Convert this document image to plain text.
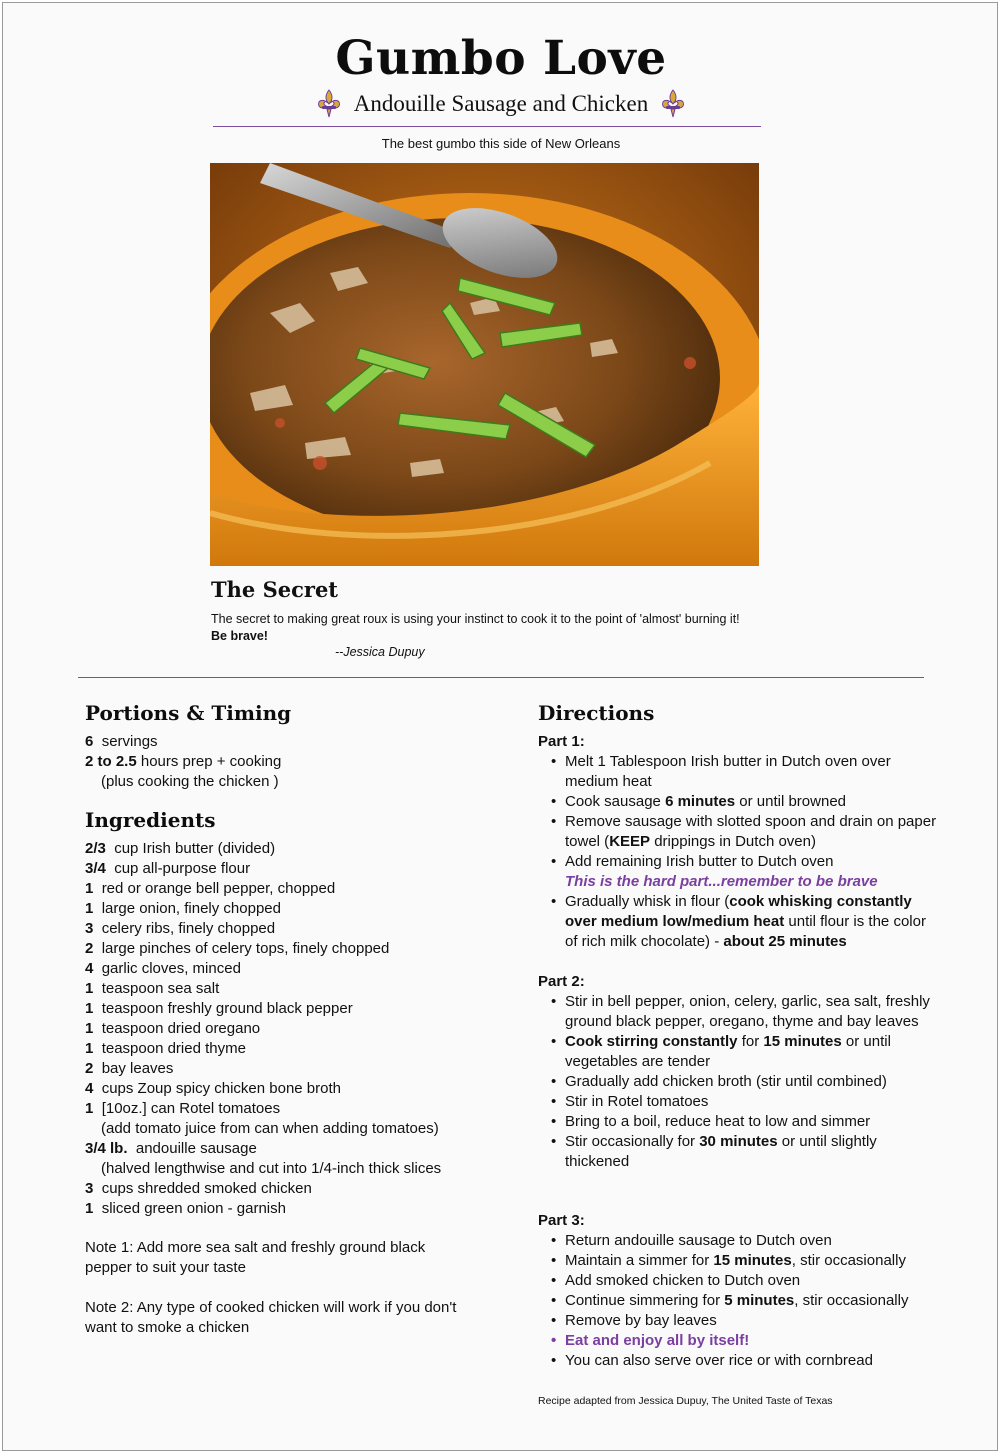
Gumbo Love
Andouille Sausage and Chicken
The best gumbo this side of New Orleans
The Secret
The secret to making great roux is using your instinct to cook it to the point of 'almost' burning it! Be brave!
--Jessica Dupuy
Portions & Timing
6 servings
2 to 2.5 hours prep + cooking
(plus cooking the chicken )
Ingredients
2/3 cup Irish butter (divided)
3/4 cup all-purpose flour
1 red or orange bell pepper, chopped
1 large onion, finely chopped
3 celery ribs, finely chopped
2 large pinches of celery tops, finely chopped
4 garlic cloves, minced
1 teaspoon sea salt
1 teaspoon freshly ground black pepper
1 teaspoon dried oregano
1 teaspoon dried thyme
2 bay leaves
4 cups Zoup spicy chicken bone broth
1 [10oz.] can Rotel tomatoes
(add tomato juice from can when adding tomatoes)
3/4 lb. andouille sausage
(halved lengthwise and cut into 1/4-inch thick slices
3 cups shredded smoked chicken
1 sliced green onion - garnish
Note 1: Add more sea salt and freshly ground black pepper to suit your taste
Note 2: Any type of cooked chicken will work if you don't want to smoke a chicken
Directions
Part 1:
• Melt 1 Tablespoon Irish butter in Dutch oven over medium heat
• Cook sausage 6 minutes or until browned
• Remove sausage with slotted spoon and drain on paper towel (KEEP drippings in Dutch oven)
• Add remaining Irish butter to Dutch oven
This is the hard part...remember to be brave
• Gradually whisk in flour (cook whisking constantly over medium low/medium heat until flour is the color of rich milk chocolate) - about 25 minutes
Part 2:
• Stir in bell pepper, onion, celery, garlic, sea salt, freshly ground black pepper, oregano, thyme and bay leaves
• Cook stirring constantly for 15 minutes or until vegetables are tender
• Gradually add chicken broth (stir until combined)
• Stir in Rotel tomatoes
• Bring to a boil, reduce heat to low and simmer
• Stir occasionally for 30 minutes or until slightly thickened
Part 3:
• Return andouille sausage to Dutch oven
• Maintain a simmer for 15 minutes, stir occasionally
• Add smoked chicken to Dutch oven
• Continue simmering for 5 minutes, stir occasionally
• Remove by bay leaves
• Eat and enjoy all by itself!
• You can also serve over rice or with cornbread
Recipe adapted from Jessica Dupuy, The United Taste of Texas
